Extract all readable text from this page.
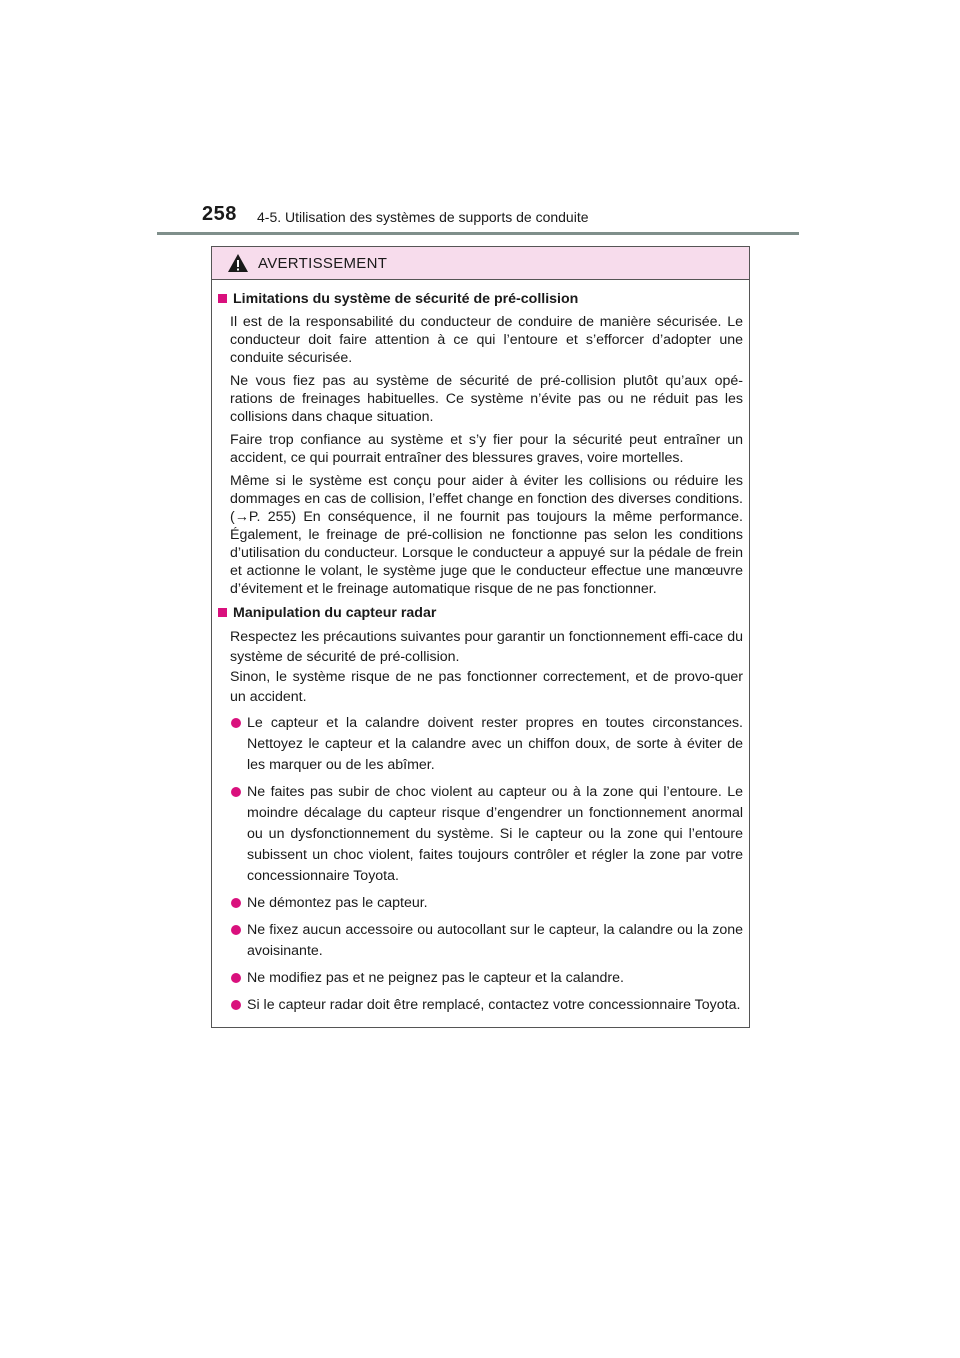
258 4-5. Utilisation des systèmes de supports de conduite
AVERTISSEMENT
Limitations du système de sécurité de pré-collision
Il est de la responsabilité du conducteur de conduire de manière sécurisée. Le conducteur doit faire attention à ce qui l’entoure et s’efforcer d’adopter une conduite sécurisée.
Ne vous fiez pas au système de sécurité de pré-collision plutôt qu’aux opé-rations de freinages habituelles. Ce système n’évite pas ou ne réduit pas les collisions dans chaque situation.
Faire trop confiance au système et s’y fier pour la sécurité peut entraîner un accident, ce qui pourrait entraîner des blessures graves, voire mortelles.
Même si le système est conçu pour aider à éviter les collisions ou réduire les dommages en cas de collision, l’effet change en fonction des diverses conditions. (→P. 255) En conséquence, il ne fournit pas toujours la même performance. Également, le freinage de pré-collision ne fonctionne pas selon les conditions d’utilisation du conducteur. Lorsque le conducteur a appuyé sur la pédale de frein et actionne le volant, le système juge que le conducteur effectue une manœuvre d’évitement et le freinage automatique risque de ne pas fonctionner.
Manipulation du capteur radar
Respectez les précautions suivantes pour garantir un fonctionnement effi-cace du système de sécurité de pré-collision.
Sinon, le système risque de ne pas fonctionner correctement, et de provo-quer un accident.
Le capteur et la calandre doivent rester propres en toutes circonstances. Nettoyez le capteur et la calandre avec un chiffon doux, de sorte à éviter de les marquer ou de les abîmer.
Ne faites pas subir de choc violent au capteur ou à la zone qui l’entoure. Le moindre décalage du capteur risque d’engendrer un fonctionnement anormal ou un dysfonctionnement du système. Si le capteur ou la zone qui l’entoure subissent un choc violent, faites toujours contrôler et régler la zone par votre concessionnaire Toyota.
Ne démontez pas le capteur.
Ne fixez aucun accessoire ou autocollant sur le capteur, la calandre ou la zone avoisinante.
Ne modifiez pas et ne peignez pas le capteur et la calandre.
Si le capteur radar doit être remplacé, contactez votre concessionnaire Toyota.
